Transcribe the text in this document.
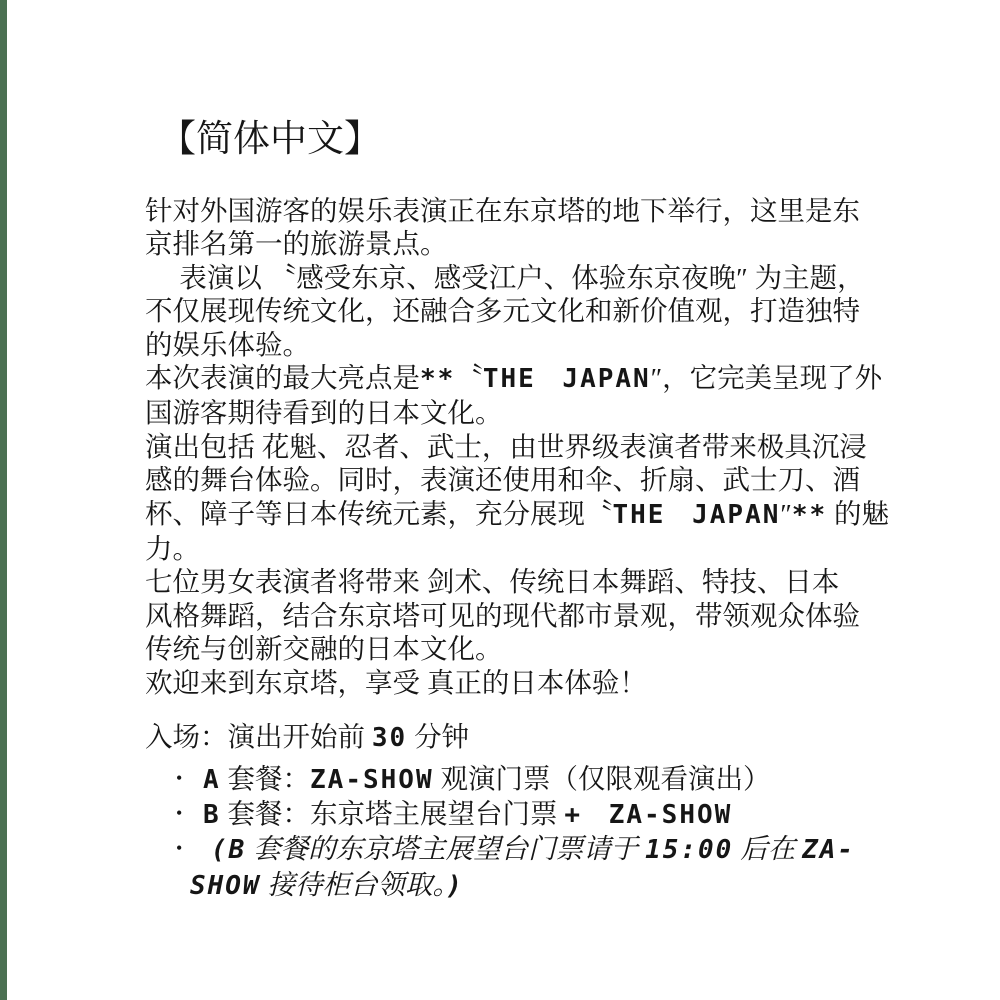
【简体中文】
针对外国游客的娱乐表演正在东京塔的地下举行，这里是东
京排名第一的旅游景点。
　 表演以 〝感受东京、感受江户、体验东京夜晚″ 为主题，
不仅展现传统文化，还融合多元文化和新价值观，打造独特
的娱乐体验。
本次表演的最大亮点是**〝THE JAPAN″，它完美呈现了外
国游客期待看到的日本文化。
演出包括 花魁、忍者、武士，由世界级表演者带来极具沉浸
感的舞台体验。同时，表演还使用和伞、折扇、武士刀、酒
杯、障子等日本传统元素，充分展现〝THE JAPAN″** 的魅
力。
七位男女表演者将带来 剑术、传统日本舞蹈、特技、日本
风格舞蹈，结合东京塔可见的现代都市景观，带领观众体验
传统与创新交融的日本文化。
欢迎来到东京塔，享受 真正的日本体验！
入场：演出开始前 30 分钟
• A 套餐：ZA-SHOW 观演门票（仅限观看演出）
• B 套餐：东京塔主展望台门票 + ZA-SHOW
• (B 套餐的东京塔主展望台门票请于 15:00 后在 ZA-
SHOW 接待柜台领取。)
